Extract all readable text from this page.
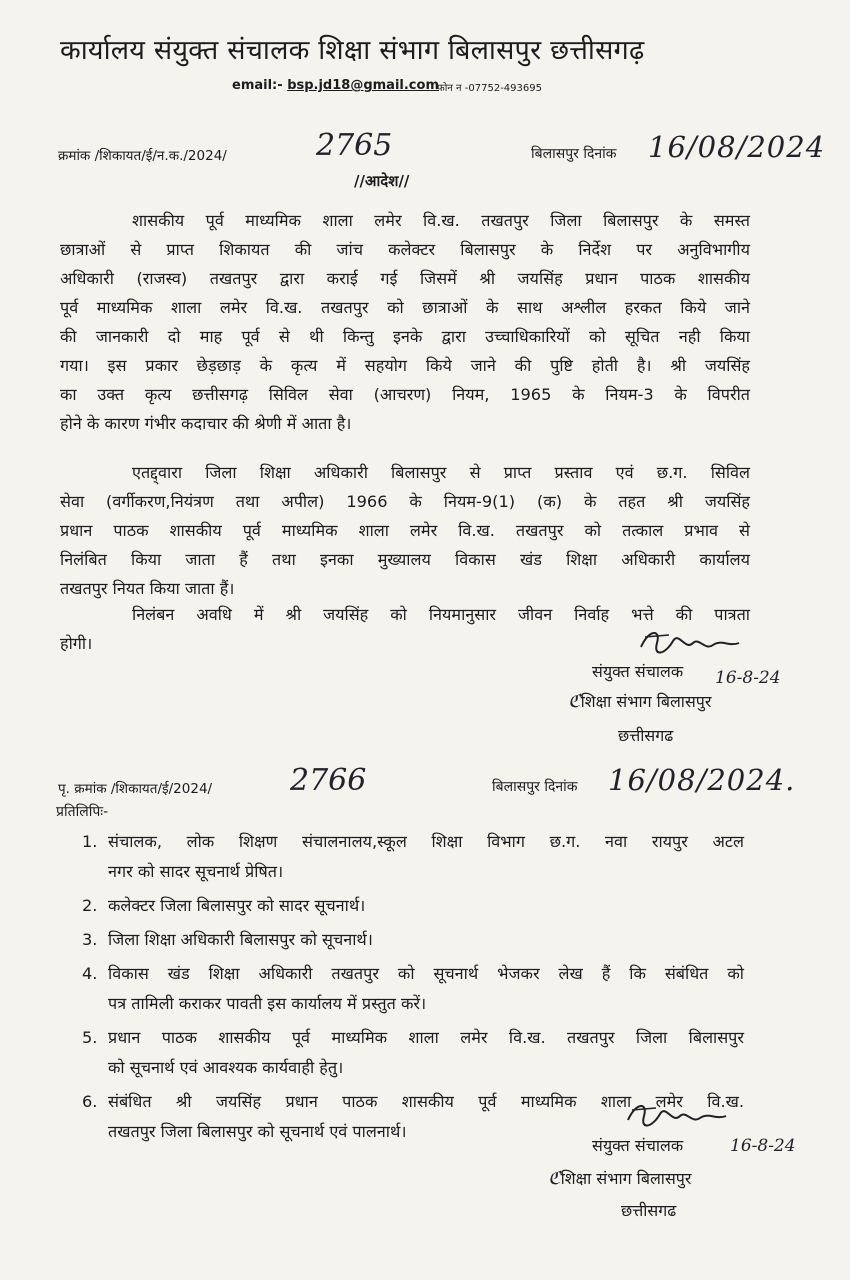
कार्यालय संयुक्त संचालक शिक्षा संभाग बिलासपुर छत्तीसगढ़
email:- bsp.jd18@gmail.com
फोन न -07752-493695
क्रमांक /शिकायत/ई/न.क./2024/	2765	बिलासपुर दिनांक 16/08/2024
//आदेश//
शासकीय पूर्व माध्यमिक शाला लमेर वि.ख. तखतपुर जिला बिलासपुर के समस्त
छात्राओं से प्राप्त शिकायत की जांच कलेक्टर बिलासपुर के निर्देश पर अनुविभागीय
अधिकारी (राजस्व) तखतपुर द्वारा कराई गई जिसमें श्री जयसिंह प्रधान पाठक शासकीय
पूर्व माध्यमिक शाला लमेर वि.ख. तखतपुर को छात्राओं के साथ अश्लील हरकत किये जाने
की जानकारी दो माह पूर्व से थी किन्तु इनके द्वारा उच्चाधिकारियों को सूचित नही किया
गया। इस प्रकार छेड़छाड़ के कृत्य में सहयोग किये जाने की पुष्टि होती है। श्री जयसिंह
का उक्त कृत्य छत्तीसगढ़ सिविल सेवा (आचरण) नियम, 1965 के नियम-3 के विपरीत
होने के कारण गंभीर कदाचार की श्रेणी में आता है।
एतद्द्वारा जिला शिक्षा अधिकारी बिलासपुर से प्राप्त प्रस्ताव एवं छ.ग. सिविल
सेवा (वर्गीकरण,नियंत्रण तथा अपील) 1966 के नियम-9(1) (क) के तहत श्री जयसिंह
प्रधान पाठक शासकीय पूर्व माध्यमिक शाला लमेर वि.ख. तखतपुर को तत्काल प्रभाव से
निलंबित किया जाता हैं तथा इनका मुख्यालय विकास खंड शिक्षा अधिकारी कार्यालय
तखतपुर नियत किया जाता हैं।
निलंबन अवधि में श्री जयसिंह को नियमानुसार जीवन निर्वाह भत्ते की पात्रता
होगी।
संयुक्त संचालक 16-8-24
ℭशिक्षा संभाग बिलासपुर
छत्तीसगढ
पृ. क्रमांक /शिकायत/ई/2024/	2766	बिलासपुर दिनांक 16/08/2024.
प्रतिलिपिः-
1. संचालक, लोक शिक्षण संचालनालय,स्कूल शिक्षा विभाग छ.ग. नवा रायपुर अटल
नगर को सादर सूचनार्थ प्रेषित।
2. कलेक्टर जिला बिलासपुर को सादर सूचनार्थ।
3. जिला शिक्षा अधिकारी बिलासपुर को सूचनार्थ।
4. विकास खंड शिक्षा अधिकारी तखतपुर को सूचनार्थ भेजकर लेख हैं कि संबंधित को
पत्र तामिली कराकर पावती इस कार्यालय में प्रस्तुत करें।
5. प्रधान पाठक शासकीय पूर्व माध्यमिक शाला लमेर वि.ख. तखतपुर जिला बिलासपुर
को सूचनार्थ एवं आवश्यक कार्यवाही हेतु।
6. संबंधित श्री जयसिंह प्रधान पाठक शासकीय पूर्व माध्यमिक शाला लमेर वि.ख.
तखतपुर जिला बिलासपुर को सूचनार्थ एवं पालनार्थ।
संयुक्त संचालक	16-8-24
ℭशिक्षा संभाग बिलासपुर
छत्तीसगढ
